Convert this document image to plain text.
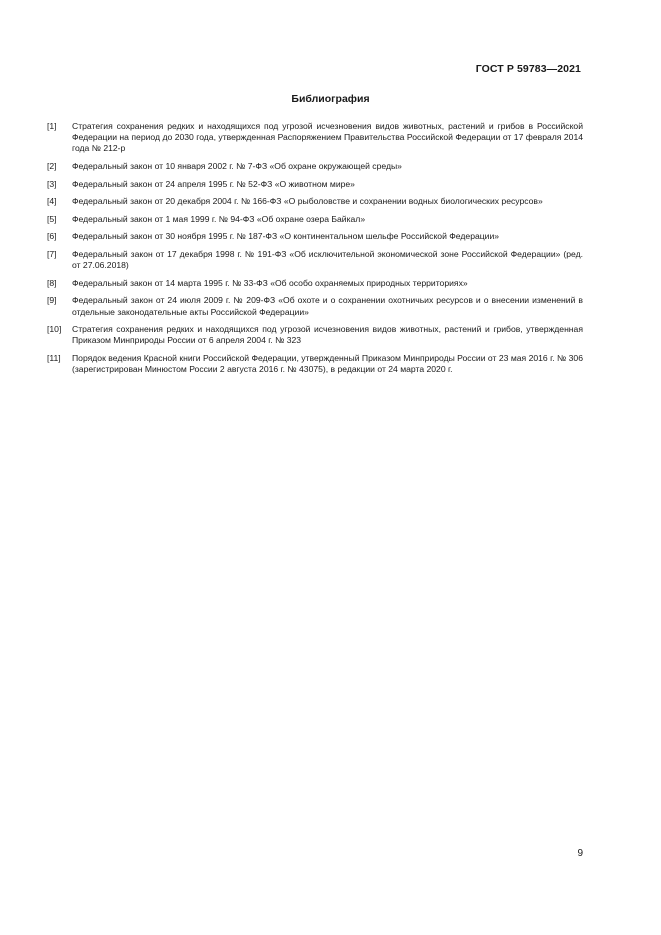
ГОСТ Р 59783—2021
Библиография
[1]	Стратегия сохранения редких и находящихся под угрозой исчезновения видов животных, растений и грибов в Российской Федерации на период до 2030 года, утвержденная Распоряжением Правительства Российской Федерации от 17 февраля 2014 года № 212-р
[2]	Федеральный закон от 10 января 2002 г. № 7-ФЗ «Об охране окружающей среды»
[3]	Федеральный закон от 24 апреля 1995 г. № 52-ФЗ «О животном мире»
[4]	Федеральный закон от 20 декабря 2004 г. № 166-ФЗ «О рыболовстве и сохранении водных биологических ресурсов»
[5]	Федеральный закон от 1 мая 1999 г. № 94-ФЗ «Об охране озера Байкал»
[6]	Федеральный закон от 30 ноября 1995 г. № 187-ФЗ «О континентальном шельфе Российской Федерации»
[7]	Федеральный закон от 17 декабря 1998 г. № 191-ФЗ «Об исключительной экономической зоне Российской Федерации» (ред. от 27.06.2018)
[8]	Федеральный закон от 14 марта 1995 г. № 33-ФЗ «Об особо охраняемых природных территориях»
[9]	Федеральный закон от 24 июля 2009 г. № 209-ФЗ «Об охоте и о сохранении охотничьих ресурсов и о внесении изменений в отдельные законодательные акты Российской Федерации»
[10]	Стратегия сохранения редких и находящихся под угрозой исчезновения видов животных, растений и грибов, утвержденная Приказом Минприроды России от 6 апреля 2004 г. № 323
[11]	Порядок ведения Красной книги Российской Федерации, утвержденный Приказом Минприроды России от 23 мая 2016 г. № 306 (зарегистрирован Минюстом России 2 августа 2016 г. № 43075), в редакции от 24 марта 2020 г.
9
